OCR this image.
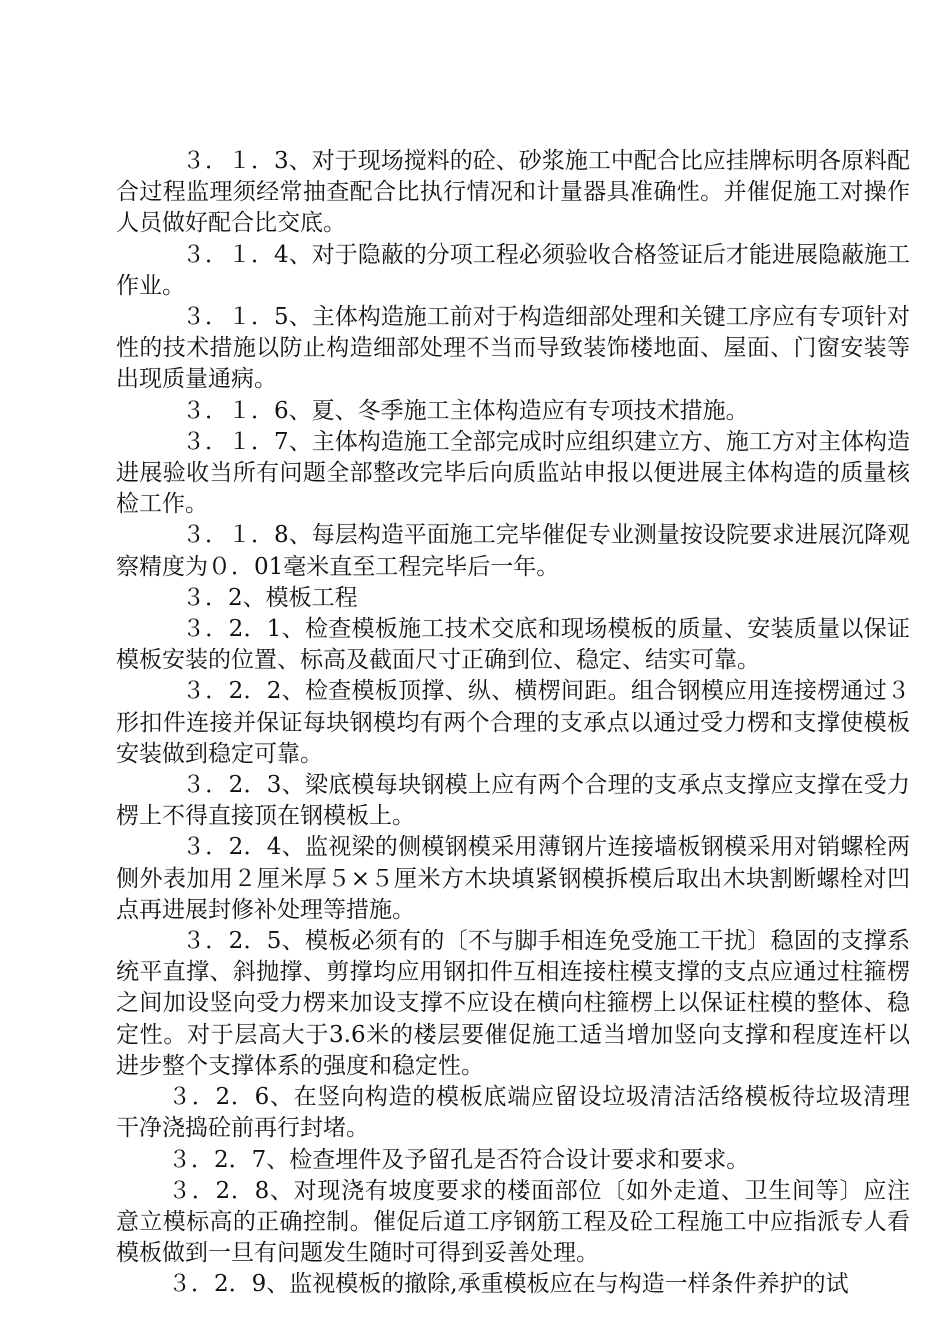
３．１．3、对于现场搅料的砼、砂浆施工中配合比应挂牌标明各原料配合过程监理须经常抽查配合比执行情况和计量器具准确性。并催促施工对操作人员做好配合比交底。

３．１．4、对于隐蔽的分项工程必须验收合格签证后才能进展隐蔽施工作业。

３．１．5、主体构造施工前对于构造细部处理和关键工序应有专项针对性的技术措施以防止构造细部处理不当而导致装饰楼地面、屋面、门窗安装等出现质量通病。

３．１．6、夏、冬季施工主体构造应有专项技术措施。

３．１．7、主体构造施工全部完成时应组织建立方、施工方对主体构造进展验收当所有问题全部整改完毕后向质监站申报以便进展主体构造的质量核检工作。

３．１．8、每层构造平面施工完毕催促专业测量按设院要求进展沉降观察精度为０．01毫米直至工程完毕后一年。

３．2、模板工程

３．2．1、检查模板施工技术交底和现场模板的质量、安装质量以保证模板安装的位置、标高及截面尺寸正确到位、稳定、结实可靠。

３．2．2、检查模板顶撑、纵、横楞间距。组合钢模应用连接楞通过３形扣件连接并保证每块钢模均有两个合理的支承点以通过受力楞和支撑使模板安装做到稳定可靠。

３．2．3、梁底模每块钢模上应有两个合理的支承点支撑应支撑在受力楞上不得直接顶在钢模板上。

３．2．4、监视梁的侧模钢模采用薄钢片连接墙板钢模采用对销螺栓两侧外表加用２厘米厚５×５厘米方木块填紧钢模拆模后取出木块割断螺栓对凹点再进展封修补处理等措施。

３．2．5、模板必须有的〔不与脚手相连免受施工干扰〕稳固的支撑系统平直撑、斜抛撑、剪撑均应用钢扣件互相连接柱模支撑的支点应通过柱箍楞之间加设竖向受力楞来加设支撑不应设在横向柱箍楞上以保证柱模的整体、稳定性。对于层高大于3.6米的楼层要催促施工适当增加竖向支撑和程度连杆以进步整个支撑体系的强度和稳定性。

３．2．6、在竖向构造的模板底端应留设垃圾清洁活络模板待垃圾清理干净浇捣砼前再行封堵。

３．2．7、检查埋件及予留孔是否符合设计要求和要求。

３．2．8、对现浇有坡度要求的楼面部位〔如外走道、卫生间等〕应注意立模标高的正确控制。催促后道工序钢筋工程及砼工程施工中应指派专人看模板做到一旦有问题发生随时可得到妥善处理。

３．2．9、监视模板的撤除,承重模板应在与构造一样条件养护的试
